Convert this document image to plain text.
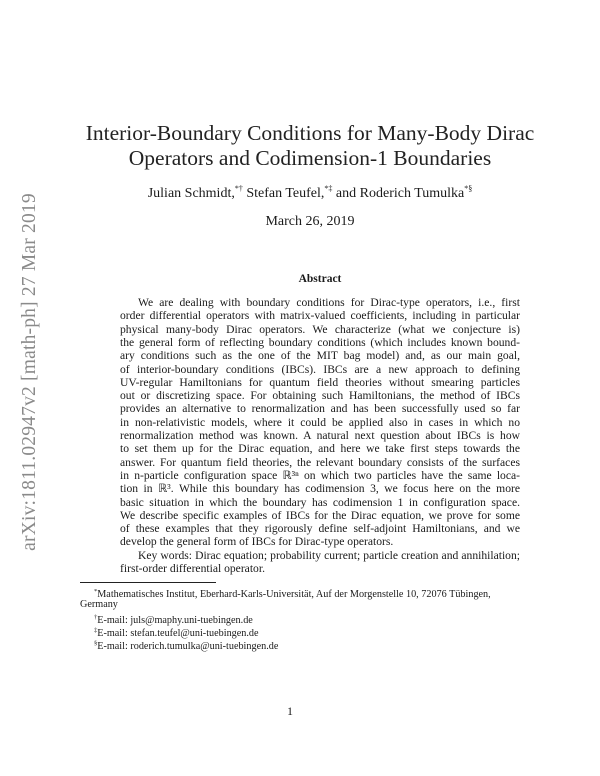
arXiv:1811.02947v2 [math-ph] 27 Mar 2019
Interior-Boundary Conditions for Many-Body Dirac
Operators and Codimension-1 Boundaries
Julian Schmidt,*† Stefan Teufel,*‡ and Roderich Tumulka*§
March 26, 2019
Abstract
We are dealing with boundary conditions for Dirac-type operators, i.e., first
order differential operators with matrix-valued coefficients, including in particular
physical many-body Dirac operators. We characterize (what we conjecture is)
the general form of reflecting boundary conditions (which includes known bound-
ary conditions such as the one of the MIT bag model) and, as our main goal,
of interior-boundary conditions (IBCs). IBCs are a new approach to defining
UV-regular Hamiltonians for quantum field theories without smearing particles
out or discretizing space. For obtaining such Hamiltonians, the method of IBCs
provides an alternative to renormalization and has been successfully used so far
in non-relativistic models, where it could be applied also in cases in which no
renormalization method was known. A natural next question about IBCs is how
to set them up for the Dirac equation, and here we take first steps towards the
answer. For quantum field theories, the relevant boundary consists of the surfaces
in n-particle configuration space ℝ³ⁿ on which two particles have the same loca-
tion in ℝ³. While this boundary has codimension 3, we focus here on the more
basic situation in which the boundary has codimension 1 in configuration space.
We describe specific examples of IBCs for the Dirac equation, we prove for some
of these examples that they rigorously define self-adjoint Hamiltonians, and we
develop the general form of IBCs for Dirac-type operators.
Key words: Dirac equation; probability current; particle creation and annihilation;
first-order differential operator.
*Mathematisches Institut, Eberhard-Karls-Universität, Auf der Morgenstelle 10, 72076 Tübingen,
Germany
†E-mail: juls@maphy.uni-tuebingen.de
‡E-mail: stefan.teufel@uni-tuebingen.de
§E-mail: roderich.tumulka@uni-tuebingen.de
1
